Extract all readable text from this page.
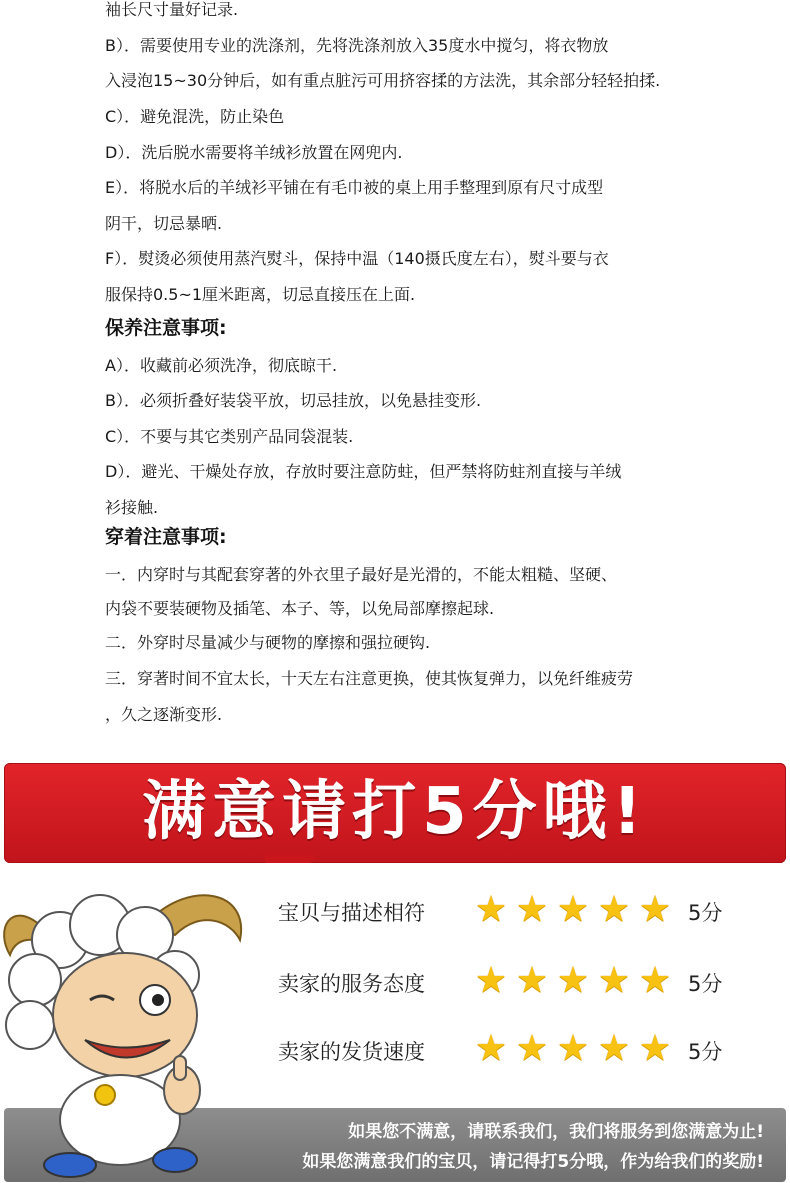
袖长尺寸量好记录.
B）．需要使用专业的洗涤剂，先将洗涤剂放入35度水中搅匀，将衣物放
入浸泡15~30分钟后，如有重点脏污可用挤容揉的方法洗，其余部分轻轻拍揉.
C）．避免混洗，防止染色
D）．洗后脱水需要将羊绒衫放置在网兜内.
E）．将脱水后的羊绒衫平铺在有毛巾被的桌上用手整理到原有尺寸成型
阴干，切忌暴晒.
F）．熨烫必须使用蒸汽熨斗，保持中温（140摄氏度左右），熨斗要与衣
服保持0.5~1厘米距离，切忌直接压在上面.
保养注意事项:
A）．收藏前必须洗净，彻底晾干.
B）．必须折叠好装袋平放，切忌挂放，以免悬挂变形.
C）．不要与其它类别产品同袋混装.
D）．避光、干燥处存放，存放时要注意防蛀，但严禁将防蛀剂直接与羊绒
衫接触.
穿着注意事项:
一．内穿时与其配套穿著的外衣里子最好是光滑的，不能太粗糙、坚硬、
内袋不要装硬物及插笔、本子、等，以免局部摩擦起球.
二．外穿时尽量减少与硬物的摩擦和强拉硬钩.
三．穿著时间不宜太长，十天左右注意更换，使其恢复弹力，以免纤维疲劳
，久之逐渐变形.
满意请打5分哦!
宝贝与描述相符 ★ ★ ★ ★ ★ 5分
卖家的服务态度 ★ ★ ★ ★ ★ 5分
卖家的发货速度 ★ ★ ★ ★ ★ 5分
如果您不满意，请联系我们，我们将服务到您满意为止!
如果您满意我们的宝贝，请记得打5分哦，作为给我们的奖励!
